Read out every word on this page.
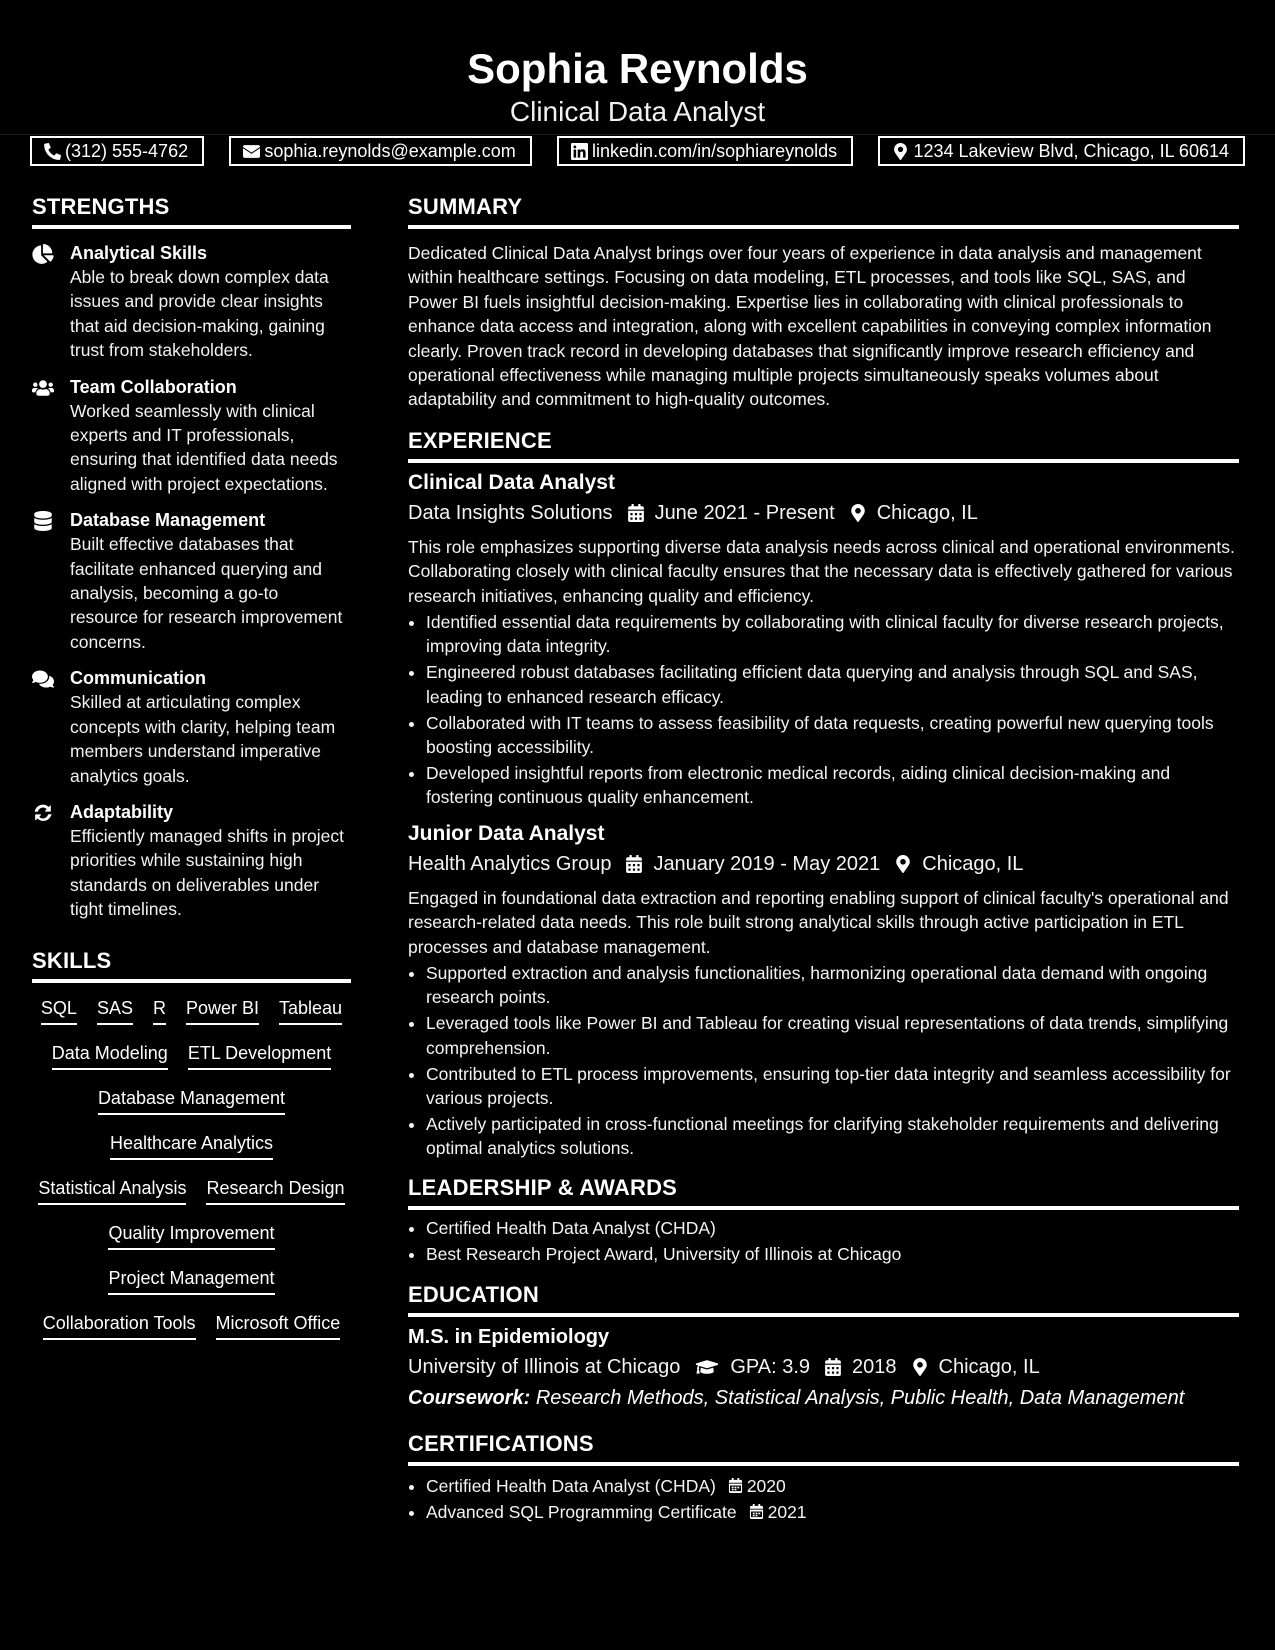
Sophia Reynolds
Clinical Data Analyst
(312) 555-4762	sophia.reynolds@example.com	linkedin.com/in/sophiareynolds	1234 Lakeview Blvd, Chicago, IL 60614
STRENGTHS
Analytical Skills
Able to break down complex data issues and provide clear insights that aid decision-making, gaining trust from stakeholders.
Team Collaboration
Worked seamlessly with clinical experts and IT professionals, ensuring that identified data needs aligned with project expectations.
Database Management
Built effective databases that facilitate enhanced querying and analysis, becoming a go-to resource for research improvement concerns.
Communication
Skilled at articulating complex concepts with clarity, helping team members understand imperative analytics goals.
Adaptability
Efficiently managed shifts in project priorities while sustaining high standards on deliverables under tight timelines.
SKILLS
SQL SAS R Power BI Tableau
Data Modeling ETL Development
Database Management
Healthcare Analytics
Statistical Analysis Research Design
Quality Improvement
Project Management
Collaboration Tools Microsoft Office
SUMMARY

Dedicated Clinical Data Analyst brings over four years of experience in data analysis and management within healthcare settings. Focusing on data modeling, ETL processes, and tools like SQL, SAS, and Power BI fuels insightful decision-making. Expertise lies in collaborating with clinical professionals to enhance data access and integration, along with excellent capabilities in conveying complex information clearly. Proven track record in developing databases that significantly improve research efficiency and operational effectiveness while managing multiple projects simultaneously speaks volumes about adaptability and commitment to high-quality outcomes.

EXPERIENCE
Clinical Data Analyst
Data Insights Solutions June 2021 - Present Chicago, IL

This role emphasizes supporting diverse data analysis needs across clinical and operational environments. Collaborating closely with clinical faculty ensures that the necessary data is effectively gathered for various research initiatives, enhancing quality and efficiency.

• Identified essential data requirements by collaborating with clinical faculty for diverse research projects, improving data integrity.
• Engineered robust databases facilitating efficient data querying and analysis through SQL and SAS, leading to enhanced research efficacy.
• Collaborated with IT teams to assess feasibility of data requests, creating powerful new querying tools boosting accessibility.
• Developed insightful reports from electronic medical records, aiding clinical decision-making and fostering continuous quality enhancement.
Junior Data Analyst
Health Analytics Group January 2019 - May 2021 Chicago, IL

Engaged in foundational data extraction and reporting enabling support of clinical faculty's operational and research-related data needs. This role built strong analytical skills through active participation in ETL processes and database management.

• Supported extraction and analysis functionalities, harmonizing operational data demand with ongoing research points.
• Leveraged tools like Power BI and Tableau for creating visual representations of data trends, simplifying comprehension.
• Contributed to ETL process improvements, ensuring top-tier data integrity and seamless accessibility for various projects.
• Actively participated in cross-functional meetings for clarifying stakeholder requirements and delivering optimal analytics solutions.
LEADERSHIP & AWARDS
• Certified Health Data Analyst (CHDA)
• Best Research Project Award, University of Illinois at Chicago
EDUCATION
M.S. in Epidemiology
University of Illinois at Chicago	GPA: 3.9 2018 Chicago, IL
Coursework: Research Methods, Statistical Analysis, Public Health, Data Management
CERTIFICATIONS
• Certified Health Data Analyst (CHDA) 2020
• Advanced SQL Programming Certificate 2021
